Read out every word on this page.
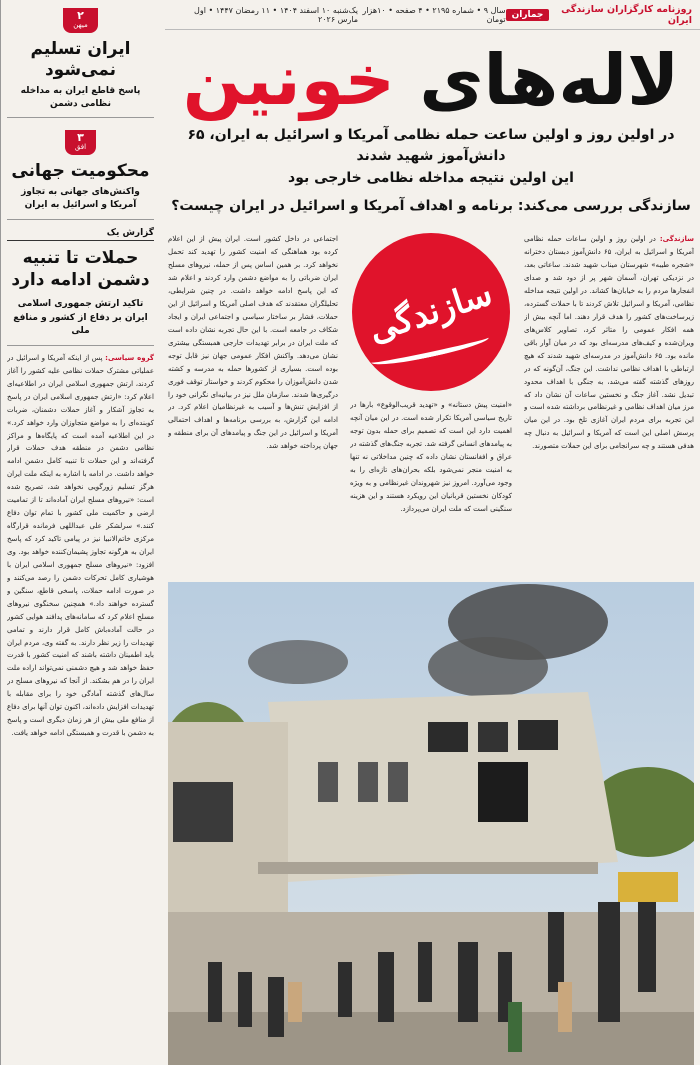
روزنامه کارگزاران سازندگی ایران
جماران
سال ۹ • شماره ۲۱۹۵ • ۴ صفحه • ۱۰هزار تومان
یک‌شنبه ۱۰ اسفند ۱۴۰۴ • ۱۱ رمضان ۱۴۴۷ • اول مارس ۲۰۲۶
۲
میهن
ایران تسلیم نمی‌شود

پاسخ قاطع ایران به مداخله نظامی دشمن

۳
افق
محکومیت جهانی

واکنش‌های جهانی به تجاوز آمریکا و اسرائیل به ایران

گزارش یک
حملات تا تنبیه دشمن ادامه دارد
تاکید ارتش جمهوری اسلامی ایران بر دفاع از کشور و منافع ملی
گروه سیاسی: پس از اینکه آمریکا و اسرائیل در عملیاتی مشترک حملات نظامی علیه کشور را آغاز کردند، ارتش جمهوری اسلامی ایران در اطلاعیه‌ای اعلام کرد: «ارتش جمهوری اسلامی ایران در پاسخ به تجاوز آشکار و آغاز حملات دشمنان، ضربات کوبنده‌ای را به مواضع متجاوزان وارد خواهد کرد.» در این اطلاعیه آمده است که پایگاه‌ها و مراکز نظامی دشمن در منطقه هدف حملات قرار گرفته‌اند و این حملات تا تنبیه کامل دشمن ادامه خواهد داشت. در ادامه با اشاره به اینکه ملت ایران هرگز تسلیم زورگویی نخواهد شد، تصریح شده است: «نیروهای مسلح ایران آماده‌اند تا از تمامیت ارضی و حاکمیت ملی کشور با تمام توان دفاع کنند.» سرلشکر علی عبداللهی فرمانده قرارگاه مرکزی خاتم‌الانبیا نیز در پیامی تاکید کرد که پاسخ ایران به هرگونه تجاوز پشیمان‌کننده خواهد بود. وی افزود: «نیروهای مسلح جمهوری اسلامی ایران با هوشیاری کامل تحرکات دشمن را رصد می‌کنند و در صورت ادامه حملات، پاسخی قاطع، سنگین و گسترده خواهند داد.» همچنین سخنگوی نیروهای مسلح اعلام کرد که سامانه‌های پدافند هوایی کشور در حالت آماده‌باش کامل قرار دارند و تمامی تهدیدات را زیر نظر دارند. به گفته وی، مردم ایران باید اطمینان داشته باشند که امنیت کشور با قدرت حفظ خواهد شد و هیچ دشمنی نمی‌تواند اراده ملت ایران را در هم بشکند. از آنجا که نیروهای مسلح در سال‌های گذشته آمادگی خود را برای مقابله با تهدیدات افزایش داده‌اند، اکنون توان آنها برای دفاع از منافع ملی بیش از هر زمان دیگری است و پاسخ به دشمن با قدرت و همبستگی ادامه خواهد یافت.
لاله‌های خونین
در اولین روز و اولین ساعت حمله نظامی آمریکا و اسرائیل به ایران، ۶۵ دانش‌آموز شهید شدند
این اولین نتیجه مداخله نظامی خارجی بود
سازندگی بررسی می‌کند: برنامه و اهداف آمریکا و اسرائیل در ایران چیست؟
سازندگی: در اولین روز و اولین ساعات حمله نظامی آمریکا و اسرائیل به ایران، ۶۵ دانش‌آموز دبستان دخترانه «شجره طیبه» شهرستان میناب شهید شدند. ساعاتی بعد، در نزدیکی تهران، آسمان شهر پر از دود شد و صدای انفجارها مردم را به خیابان‌ها کشاند. در اولین نتیجه مداخله نظامی، آمریکا و اسرائیل تلاش کردند تا با حملات گسترده، زیرساخت‌های کشور را هدف قرار دهند. اما آنچه بیش از همه افکار عمومی را متاثر کرد، تصاویر کلاس‌های ویران‌شده و کیف‌های مدرسه‌ای بود که در میان آوار باقی مانده بود. ۶۵ دانش‌آموز در مدرسه‌ای شهید شدند که هیچ ارتباطی با اهداف نظامی نداشت. این جنگ، آن‌گونه که در روزهای گذشته گفته می‌شد، به جنگی با اهداف محدود تبدیل نشد. آغاز جنگ و نخستین ساعات آن نشان داد که مرز میان اهداف نظامی و غیرنظامی برداشته شده است و این تجربه برای مردم ایران آغازی تلخ بود. در این میان پرسش اصلی این است که آمریکا و اسرائیل به دنبال چه هدفی هستند و چه سرانجامی برای این حملات متصورند.
سازندگی
«امنیت پیش دستانه» و «تهدید قریب‌الوقوع» بارها در تاریخ سیاسی آمریکا تکرار شده است. در این میان آنچه اهمیت دارد این است که تصمیم برای حمله بدون توجه به پیامدهای انسانی گرفته شد. تجربه جنگ‌های گذشته در عراق و افغانستان نشان داده که چنین مداخلاتی نه تنها به امنیت منجر نمی‌شود بلکه بحران‌های تازه‌ای را به وجود می‌آورد. امروز نیز شهروندان غیرنظامی و به ویژه کودکان نخستین قربانیان این رویکرد هستند و این هزینه سنگینی است که ملت ایران می‌پردازد.
اجتماعی در داخل کشور است. ایران پیش از این اعلام کرده بود هماهنگی که امنیت کشور را تهدید کند تحمل نخواهد کرد. بر همین اساس پس از حمله، نیروهای مسلح ایران ضرباتی را به مواضع دشمن وارد کردند و اعلام شد که این پاسخ ادامه خواهد داشت. در چنین شرایطی، تحلیلگران معتقدند که هدف اصلی آمریکا و اسرائیل از این حملات، فشار بر ساختار سیاسی و اجتماعی ایران و ایجاد شکاف در جامعه است. با این حال تجربه نشان داده است که ملت ایران در برابر تهدیدات خارجی همبستگی بیشتری نشان می‌دهد. واکنش افکار عمومی جهان نیز قابل توجه بوده است. بسیاری از کشورها حمله به مدرسه و کشته شدن دانش‌آموزان را محکوم کردند و خواستار توقف فوری درگیری‌ها شدند. سازمان ملل نیز در بیانیه‌ای نگرانی خود را از افزایش تنش‌ها و آسیب به غیرنظامیان اعلام کرد. در ادامه این گزارش، به بررسی برنامه‌ها و اهداف احتمالی آمریکا و اسرائیل در این جنگ و پیامدهای آن برای منطقه و جهان پرداخته خواهد شد.
